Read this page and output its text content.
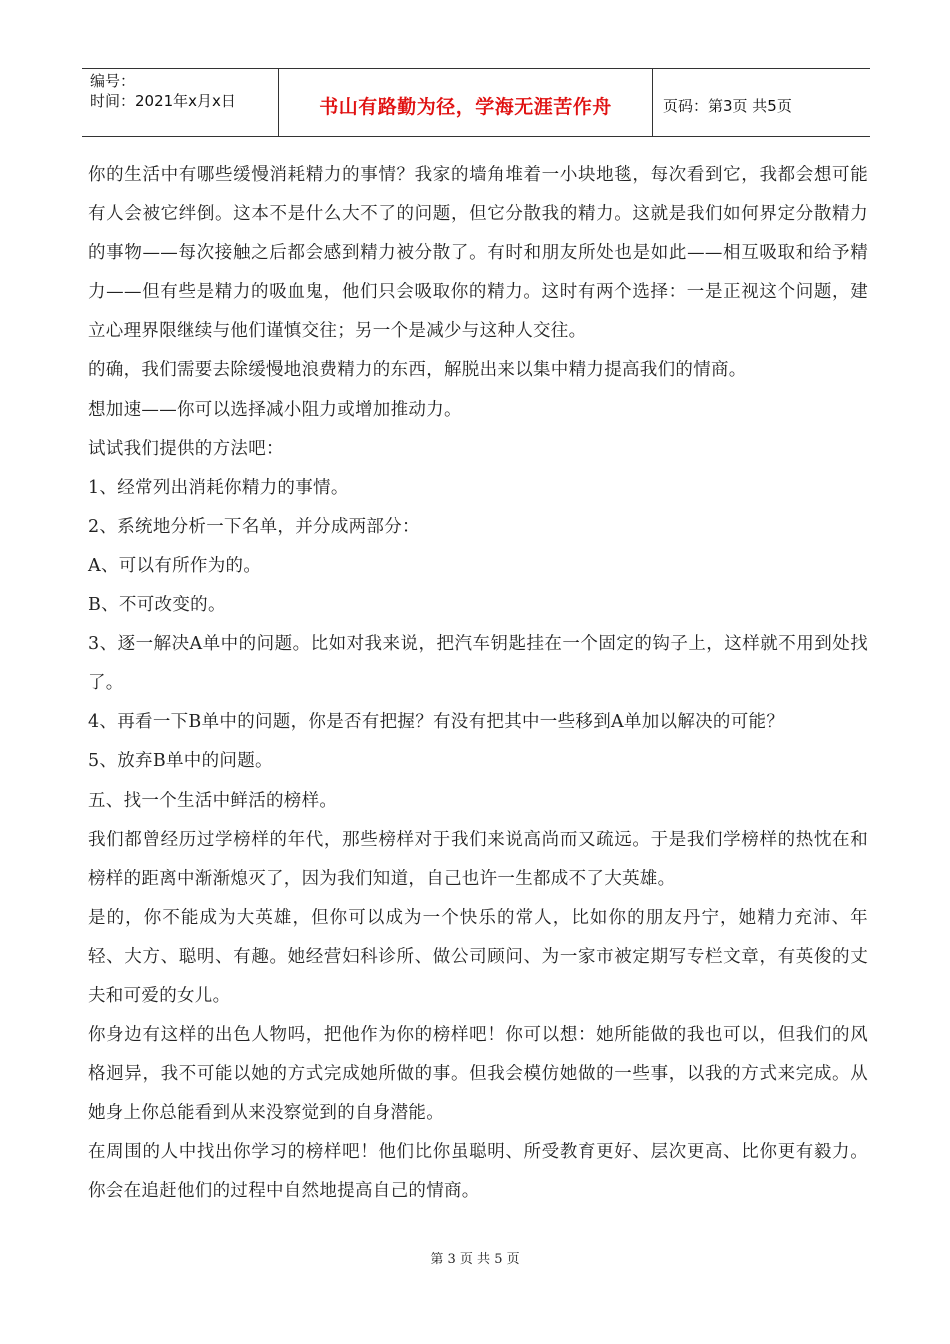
编号：
时间：2021年x月x日	书山有路勤为径，学海无涯苦作舟	页码：第3页 共5页

你的生活中有哪些缓慢消耗精力的事情？我家的墙角堆着一小块地毯，每次看到它，我都会想可能有人会被它绊倒。这本不是什么大不了的问题，但它分散我的精力。这就是我们如何界定分散精力的事物——每次接触之后都会感到精力被分散了。有时和朋友所处也是如此——相互吸取和给予精力——但有些是精力的吸血鬼，他们只会吸取你的精力。这时有两个选择：一是正视这个问题，建立心理界限继续与他们谨慎交往；另一个是减少与这种人交往。

的确，我们需要去除缓慢地浪费精力的东西，解脱出来以集中精力提高我们的情商。

想加速——你可以选择减小阻力或增加推动力。

试试我们提供的方法吧：

1、经常列出消耗你精力的事情。

2、系统地分析一下名单，并分成两部分：

A、可以有所作为的。

B、不可改变的。

3、逐一解决A单中的问题。比如对我来说，把汽车钥匙挂在一个固定的钩子上，这样就不用到处找了。

4、再看一下B单中的问题，你是否有把握？有没有把其中一些移到A单加以解决的可能？

5、放弃B单中的问题。

五、找一个生活中鲜活的榜样。

我们都曾经历过学榜样的年代，那些榜样对于我们来说高尚而又疏远。于是我们学榜样的热忱在和榜样的距离中渐渐熄灭了，因为我们知道，自己也许一生都成不了大英雄。

是的，你不能成为大英雄，但你可以成为一个快乐的常人，比如你的朋友丹宁，她精力充沛、年轻、大方、聪明、有趣。她经营妇科诊所、做公司顾问、为一家市被定期写专栏文章，有英俊的丈夫和可爱的女儿。

你身边有这样的出色人物吗，把他作为你的榜样吧！你可以想：她所能做的我也可以，但我们的风格迥异，我不可能以她的方式完成她所做的事。但我会模仿她做的一些事，以我的方式来完成。从她身上你总能看到从来没察觉到的自身潜能。

在周围的人中找出你学习的榜样吧！他们比你虽聪明、所受教育更好、层次更高、比你更有毅力。你会在追赶他们的过程中自然地提高自己的情商。

第 3 页 共 5 页
